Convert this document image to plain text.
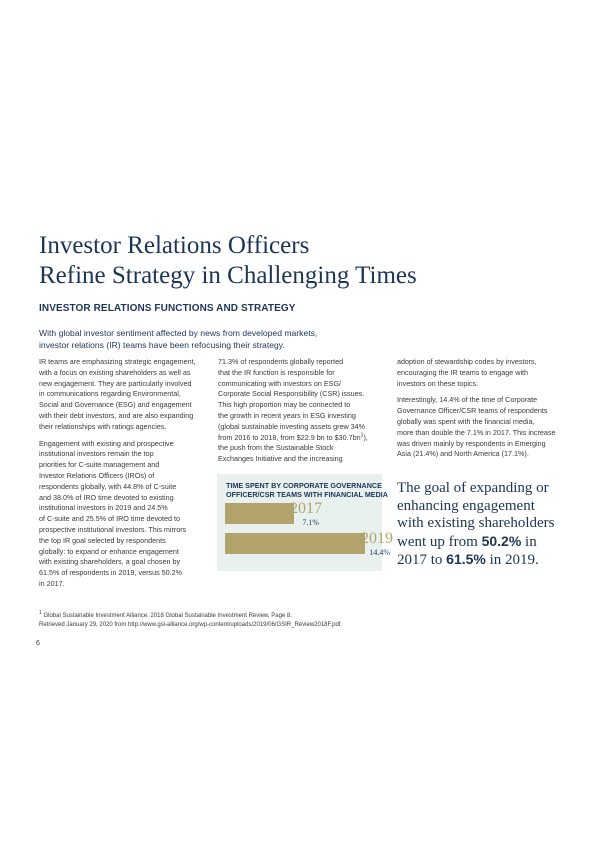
Investor Relations Officers
Refine Strategy in Challenging Times
INVESTOR RELATIONS FUNCTIONS AND STRATEGY

With global investor sentiment affected by news from developed markets,
investor relations (IR) teams have been refocusing their strategy.

IR teams are emphasizing strategic engagement,
with a focus on existing shareholders as well as
new engagement. They are particularly involved
in communications regarding Environmental,
Social and Governance (ESG) and engagement
with their debt investors, and are also expanding
their relationships with ratings agencies.
Engagement with existing and prospective
institutional investors remain the top
priorities for C-suite management and
Investor Relations Officers (IROs) of
respondents globally, with 44.8% of C-suite
and 38.0% of IRO time devoted to existing
institutional investors in 2019 and 24.5%
of C-suite and 25.5% of IRO time devoted to
prospective institutional investors. This mirrors
the top IR goal selected by respondents
globally: to expand or enhance engagement
with existing shareholders, a goal chosen by
61.5% of respondents in 2019, versus 50.2%
in 2017.
71.3% of respondents globally reported
that the IR function is responsible for
communicating with investors on ESG/
Corporate Social Responsibility (CSR) issues.
This high proportion may be connected to
the growth in recent years in ESG investing
(global sustainable investing assets grew 34%
from 2016 to 2018, from $22.9 bn to $\$30.7bn^1$),
the push from the Sustainable Stock
Exchanges Initiative and the increasing
adoption of stewardship codes by investors,
encouraging the IR teams to engage with
investors on these topics.
Interestingly, 14.4% of the time of Corporate
Governance Officer/CSR teams of respondents
globally was spent with the financial media,
more than double the 7.1% in 2017. This increase
was driven mainly by respondents in Emerging
Asia (21.4%) and North America (17.1%).
TIME SPENT BY CORPORATE GOVERNANCE
OFFICER/CSR TEAMS WITH FINANCIAL MEDIA
2017
7.1%
2019
14.4%
The goal of expanding or
enhancing engagement
with existing shareholders
went up from 50.2% in
2017 to 61.5% in 2019.
$^1$ Global Sustainable Investment Alliance. 2018 Global Sustainable Investment Review, Page 8.
Retrieved January 29, 2020 from http://www.gsi-alliance.org/wp-content/uploads/2019/06/GSIR_Review2018F.pdf.
6
